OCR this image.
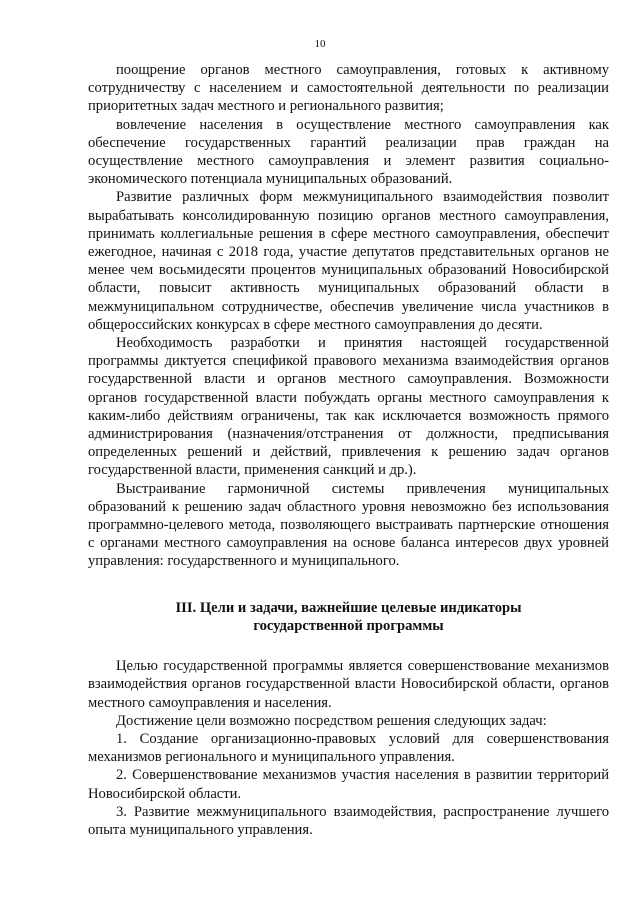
10

поощрение органов местного самоуправления, готовых к активному сотрудничеству с населением и самостоятельной деятельности по реализации приоритетных задач местного и регионального развития;

вовлечение населения в осуществление местного самоуправления как обеспечение государственных гарантий реализации прав граждан на осуществление местного самоуправления и элемент развития социально-экономического потенциала муниципальных образований.

Развитие различных форм межмуниципального взаимодействия позволит вырабатывать консолидированную позицию органов местного самоуправления, принимать коллегиальные решения в сфере местного самоуправления, обеспечит ежегодное, начиная с 2018 года, участие депутатов представительных органов не менее чем восьмидесяти процентов муниципальных образований Новосибирской области, повысит активность муниципальных образований области в межмуниципальном сотрудничестве, обеспечив увеличение числа участников в общероссийских конкурсах в сфере местного самоуправления до десяти.

Необходимость разработки и принятия настоящей государственной программы диктуется спецификой правового механизма взаимодействия органов государственной власти и органов местного самоуправления. Возможности органов государственной власти побуждать органы местного самоуправления к каким-либо действиям ограничены, так как исключается возможность прямого администрирования (назначения/отстранения от должности, предписывания определенных решений и действий, привлечения к решению задач органов государственной власти, применения санкций и др.).

Выстраивание гармоничной системы привлечения муниципальных образований к решению задач областного уровня невозможно без использования программно-целевого метода, позволяющего выстраивать партнерские отношения с органами местного самоуправления на основе баланса интересов двух уровней управления: государственного и муниципального.

III. Цели и задачи, важнейшие целевые индикаторы
государственной программы

Целью государственной программы является совершенствование механизмов взаимодействия органов государственной власти Новосибирской области, органов местного самоуправления и населения.

Достижение цели возможно посредством решения следующих задач:

1. Создание организационно-правовых условий для совершенствования механизмов регионального и муниципального управления.

2. Совершенствование механизмов участия населения в развитии территорий Новосибирской области.

3. Развитие межмуниципального взаимодействия, распространение лучшего опыта муниципального управления.
